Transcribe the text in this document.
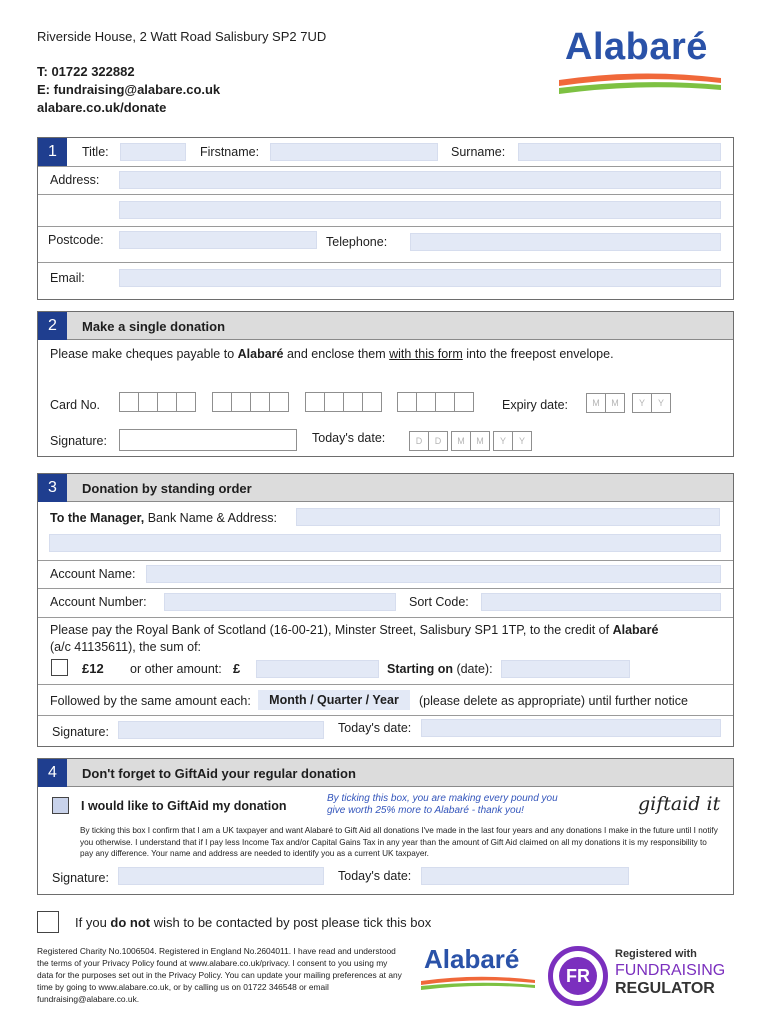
Riverside House, 2 Watt Road Salisbury SP2 7UD
T: 01722 322882
E: fundraising@alabare.co.uk
alabare.co.uk/donate
Alabaré
1	Title:	Firstname:	Surname:
Address:
Postcode:	Telephone:
Email:
2	Make a single donation
Please make cheques payable to Alabaré and enclose them with this form into the freepost envelope.
Card No.	Expiry date:	M	M	Y	Y
Signature:	Today's date:	D	D	M	M	Y	Y
3	Donation by standing order
To the Manager, Bank Name & Address:
Account Name:
Account Number:	Sort Code:
Please pay the Royal Bank of Scotland (16-00-21), Minster Street, Salisbury SP1 1TP, to the credit of Alabaré
(a/c 41135611), the sum of:
£12 or other amount: £	Starting on (date):
Followed by the same amount each:	Month / Quarter / Year	(please delete as appropriate) until further notice
Signature:	Today's date:
4	Don't forget to GiftAid your regular donation
I would like to GiftAid my donation
By ticking this box, you are making every pound you
give worth 25% more to Alabaré - thank you!	giftaid it
By ticking this box I confirm that I am a UK taxpayer and want Alabaré to Gift Aid all donations I've made in the last four years and any donations I make in the future until I notify you otherwise. I understand that if I pay less Income Tax and/or Capital Gains Tax in any year than the amount of Gift Aid claimed on all my donations it is my responsibility to pay any difference. Your name and address are needed to identify you as a current UK taxpayer.
Signature:	Today's date:
If you do not wish to be contacted by post please tick this box
Registered Charity No.1006504. Registered in England No.2604011. I have read and understood the terms of your Privacy Policy found at www.alabare.co.uk/privacy. I consent to you using my data for the purposes set out in the Privacy Policy. You can update your mailing preferences at any time by going to www.alabare.co.uk, or by calling us on 01722 346548 or email fundraising@alabare.co.uk.
Alabaré
FR
Registered with
FUNDRAISING
REGULATOR
